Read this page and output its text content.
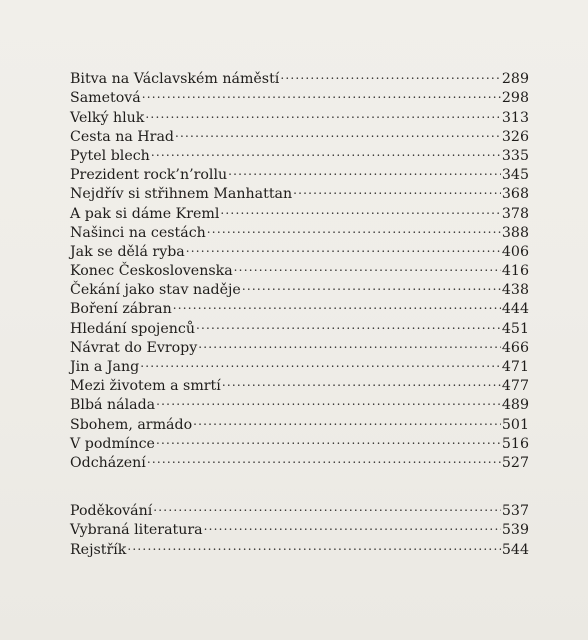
Bitva na Václavském náměstí .....	289
Sametová .....	298
Velký hluk .....	313
Cesta na Hrad .....	326
Pytel blech .....	335
Prezident rock’n’rollu .....	345
Nejdřív si střihnem Manhattan .....	368
A pak si dáme Kreml .....	378
Našinci na cestách .....	388
Jak se dělá ryba .....	406
Konec Československa .....	416
Čekání jako stav naděje .....	438
Boření zábran .....	444
Hledání spojenců .....	451
Návrat do Evropy .....	466
Jin a Jang .....	471
Mezi životem a smrtí .....	477
Blbá nálada .....	489
Sbohem, armádo .....	501
V podmínce .....	516
Odcházení .....	527
Poděkování .....	537
Vybraná literatura .....	539
Rejstřík .....	544
